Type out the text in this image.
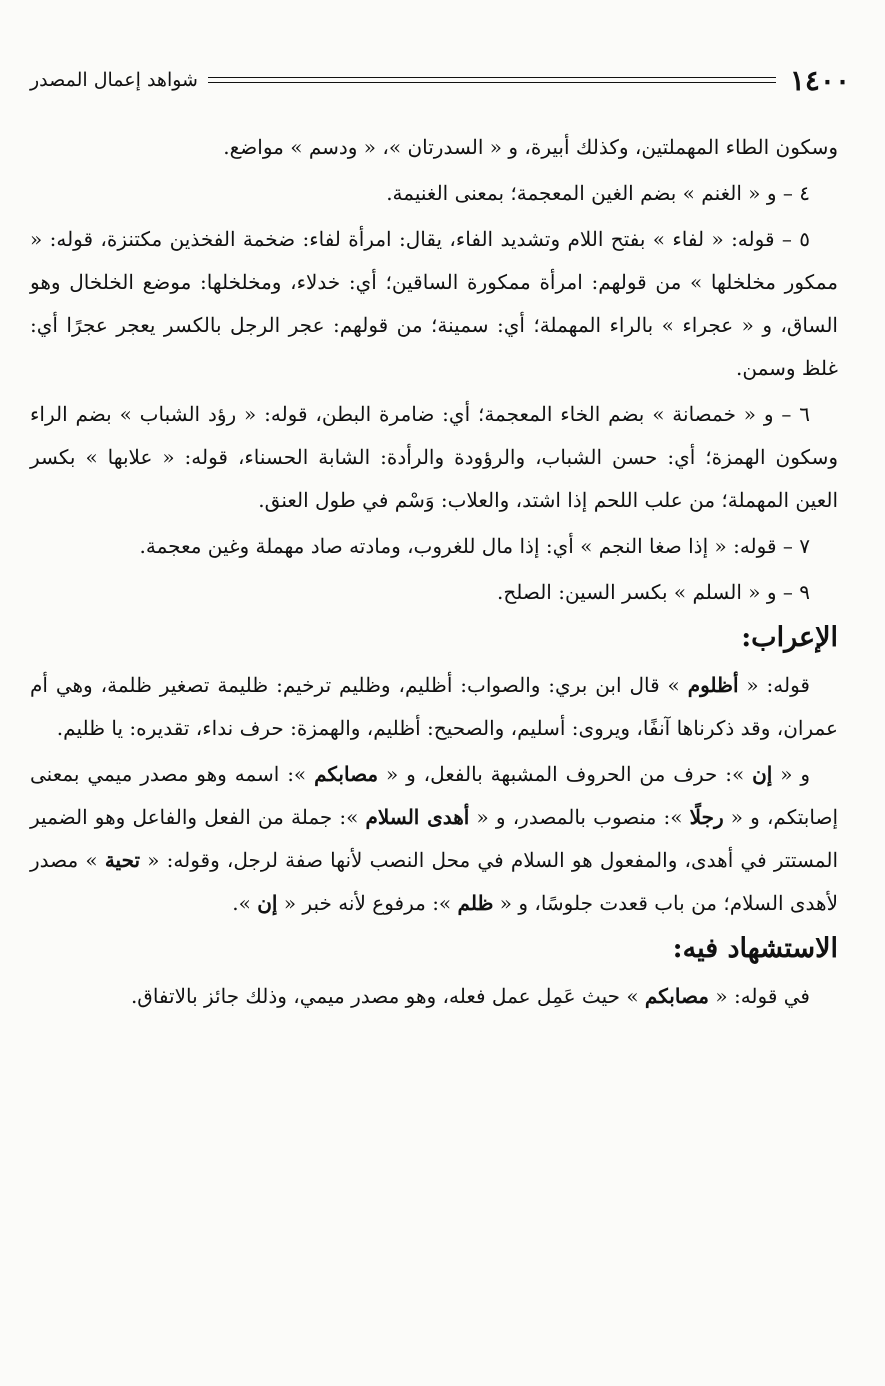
١٤٠٠
شواهد إعمال المصدر

وسكون الطاء المهملتين، وكذلك أبيرة، و « السدرتان »، « ودسم » مواضع.

٤ – و « الغنم » بضم الغين المعجمة؛ بمعنى الغنيمة.

٥ – قوله: « لفاء » بفتح اللام وتشديد الفاء، يقال: امرأة لفاء: ضخمة الفخذين مكتنزة، قوله: « ممكور مخلخلها » من قولهم: امرأة ممكورة الساقين؛ أي: خدلاء، ومخلخلها: موضع الخلخال وهو الساق، و « عجراء » بالراء المهملة؛ أي: سمينة؛ من قولهم: عجر الرجل بالكسر يعجر عجرًا أي: غلظ وسمن.

٦ – و « خمصانة » بضم الخاء المعجمة؛ أي: ضامرة البطن، قوله: « رؤد الشباب » بضم الراء وسكون الهمزة؛ أي: حسن الشباب، والرؤودة والرأدة: الشابة الحسناء، قوله: « علابها » بكسر العين المهملة؛ من علب اللحم إذا اشتد، والعلاب: وَسْم في طول العنق.

٧ – قوله: « إذا صغا النجم » أي: إذا مال للغروب، ومادته صاد مهملة وغين معجمة.

٩ – و « السلم » بكسر السين: الصلح.

الإعراب:

قوله: « أظلوم » قال ابن بري: والصواب: أظليم، وظليم ترخيم: ظليمة تصغير ظلمة، وهي أم عمران، وقد ذكرناها آنفًا، ويروى: أسليم، والصحيح: أظليم، والهمزة: حرف نداء، تقديره: يا ظليم.

و « إن »: حرف من الحروف المشبهة بالفعل، و « مصابكم »: اسمه وهو مصدر ميمي بمعنى إصابتكم، و « رجلًا »: منصوب بالمصدر، و « أهدى السلام »: جملة من الفعل والفاعل وهو الضمير المستتر في أهدى، والمفعول هو السلام في محل النصب لأنها صفة لرجل، وقوله: « تحية » مصدر لأهدى السلام؛ من باب قعدت جلوسًا، و « ظلم »: مرفوع لأنه خبر « إن ».

الاستشهاد فيه:

في قوله: « مصابكم » حيث عَمِل عمل فعله، وهو مصدر ميمي، وذلك جائز بالاتفاق.
